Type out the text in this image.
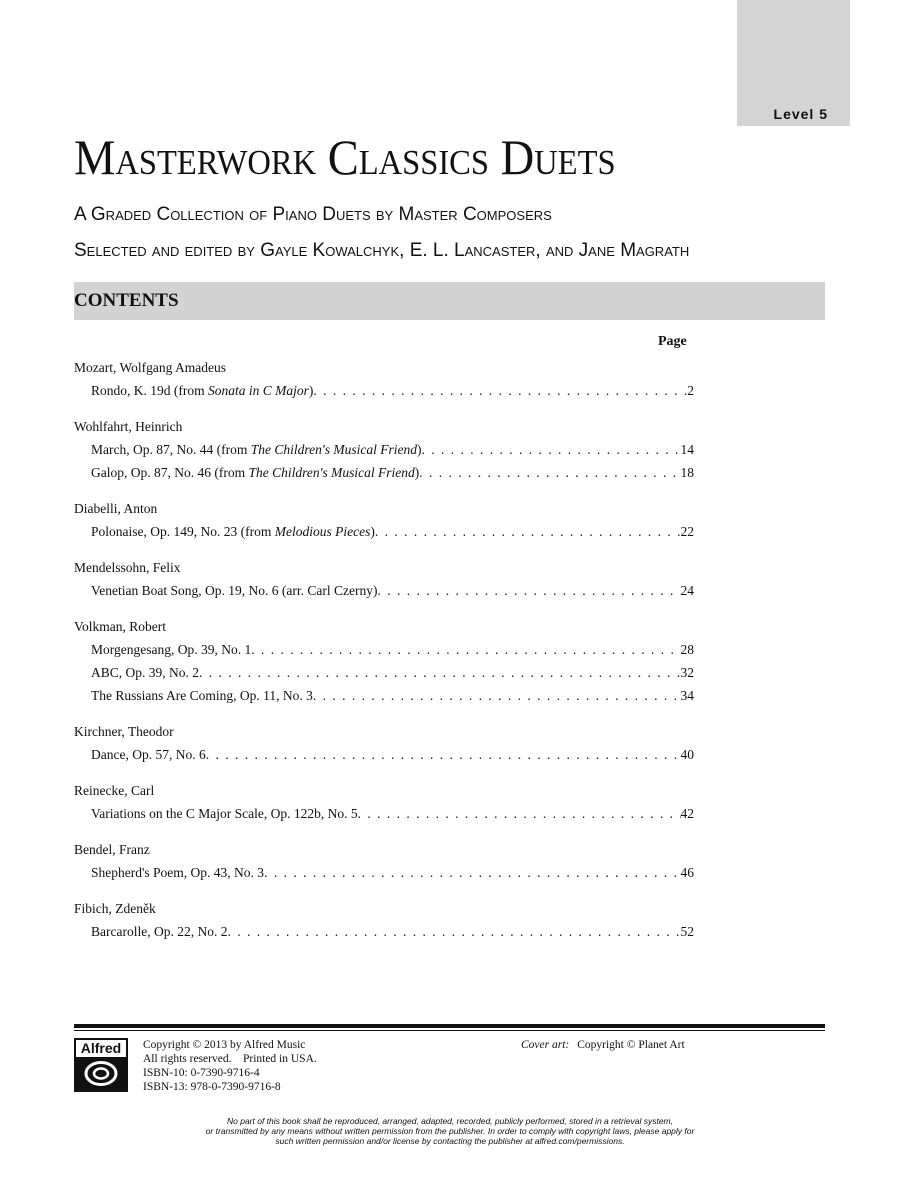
Level 5
Masterwork Classics Duets
A Graded Collection of Piano Duets by Master Composers
Selected and edited by Gayle Kowalchyk, E. L. Lancaster, and Jane Magrath
CONTENTS
Page
Mozart, Wolfgang Amadeus
Rondo, K. 19d (from Sonata in C Major) . . .	2
Wohlfahrt, Heinrich
March, Op. 87, No. 44 (from The Children's Musical Friend) . . .	14
Galop, Op. 87, No. 46 (from The Children's Musical Friend) . . .	18
Diabelli, Anton
Polonaise, Op. 149, No. 23 (from Melodious Pieces) . . .	22
Mendelssohn, Felix
Venetian Boat Song, Op. 19, No. 6 (arr. Carl Czerny) . . .	24
Volkman, Robert
Morgengesang, Op. 39, No. 1 . . .	28
ABC, Op. 39, No. 2 . . .	32
The Russians Are Coming, Op. 11, No. 3 . . .	34
Kirchner, Theodor
Dance, Op. 57, No. 6 . . .	40
Reinecke, Carl
Variations on the C Major Scale, Op. 122b, No. 5 . . .	42
Bendel, Franz
Shepherd's Poem, Op. 43, No. 3 . . .	46
Fibich, Zdeněk
Barcarolle, Op. 22, No. 2 . . .	52
Alfred	Copyright © 2013 by Alfred Music
All rights reserved.    Printed in USA.
ISBN-10: 0-7390-9716-4
ISBN-13: 978-0-7390-9716-8
Cover art: Copyright © Planet Art
No part of this book shall be reproduced, arranged, adapted, recorded, publicly performed, stored in a retrieval system,
or transmitted by any means without written permission from the publisher. In order to comply with copyright laws, please apply for
such written permission and/or license by contacting the publisher at alfred.com/permissions.
